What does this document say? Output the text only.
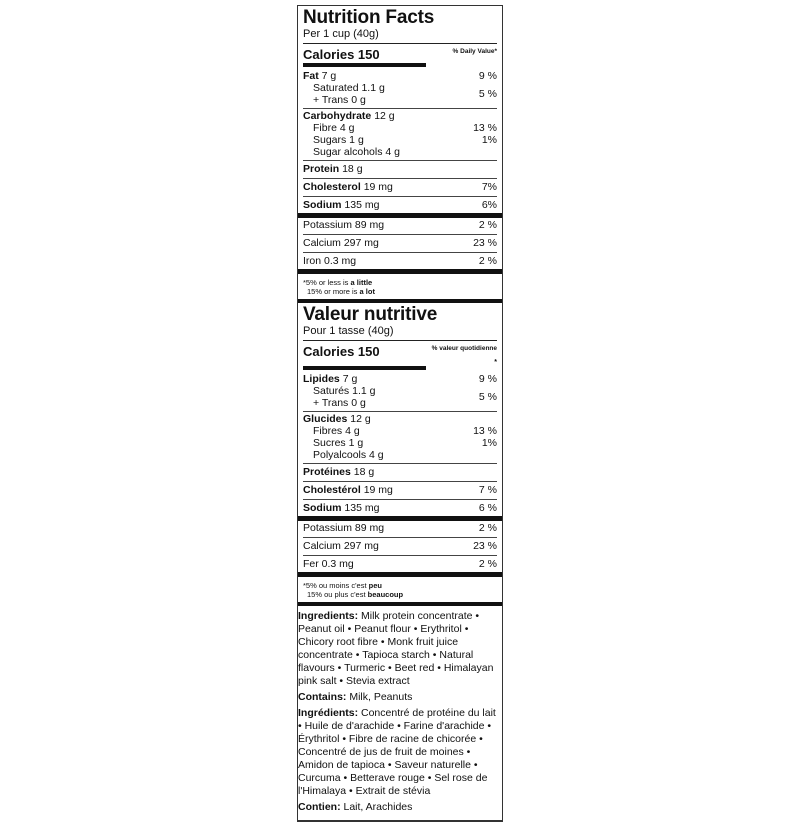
Nutrition Facts
Per 1 cup (40g)
Calories 150	% Daily Value*
Fat 7 g	9 %
Saturated 1.1 g
+ Trans 0 g	5 %
Carbohydrate 12 g
Fibre 4 g	13 %
Sugars 1 g	1%
Sugar alcohols 4 g
Protein 18 g
Cholesterol 19 mg	7%
Sodium 135 mg	6%
Potassium 89 mg	2 %
Calcium 297 mg	23 %
Iron 0.3 mg	2 %
*5% or less is a little
15% or more is a lot
Valeur nutritive
Pour 1 tasse (40g)
Calories 150	% valeur quotidienne
*
Lipides 7 g	9 %
Saturés 1.1 g
+ Trans 0 g	5 %
Glucides 12 g
Fibres 4 g	13 %
Sucres 1 g	1%
Polyalcools 4 g
Protéines 18 g
Cholestérol 19 mg	7 %
Sodium 135 mg	6 %
Potassium 89 mg	2 %
Calcium 297 mg	23 %
Fer 0.3 mg	2 %
*5% ou moins c'est peu
15% ou plus c'est beaucoup
Ingredients: Milk protein concentrate • Peanut oil • Peanut flour • Erythritol • Chicory root fibre • Monk fruit juice concentrate • Tapioca starch • Natural flavours • Turmeric • Beet red • Himalayan pink salt • Stevia extract
Contains: Milk, Peanuts
Ingrédients: Concentré de protéine du lait • Huile de d'arachide • Farine d'arachide • Érythritol • Fibre de racine de chicorée • Concentré de jus de fruit de moines • Amidon de tapioca • Saveur naturelle • Curcuma • Betterave rouge • Sel rose de l'Himalaya • Extrait de stévia
Contien: Lait, Arachides
